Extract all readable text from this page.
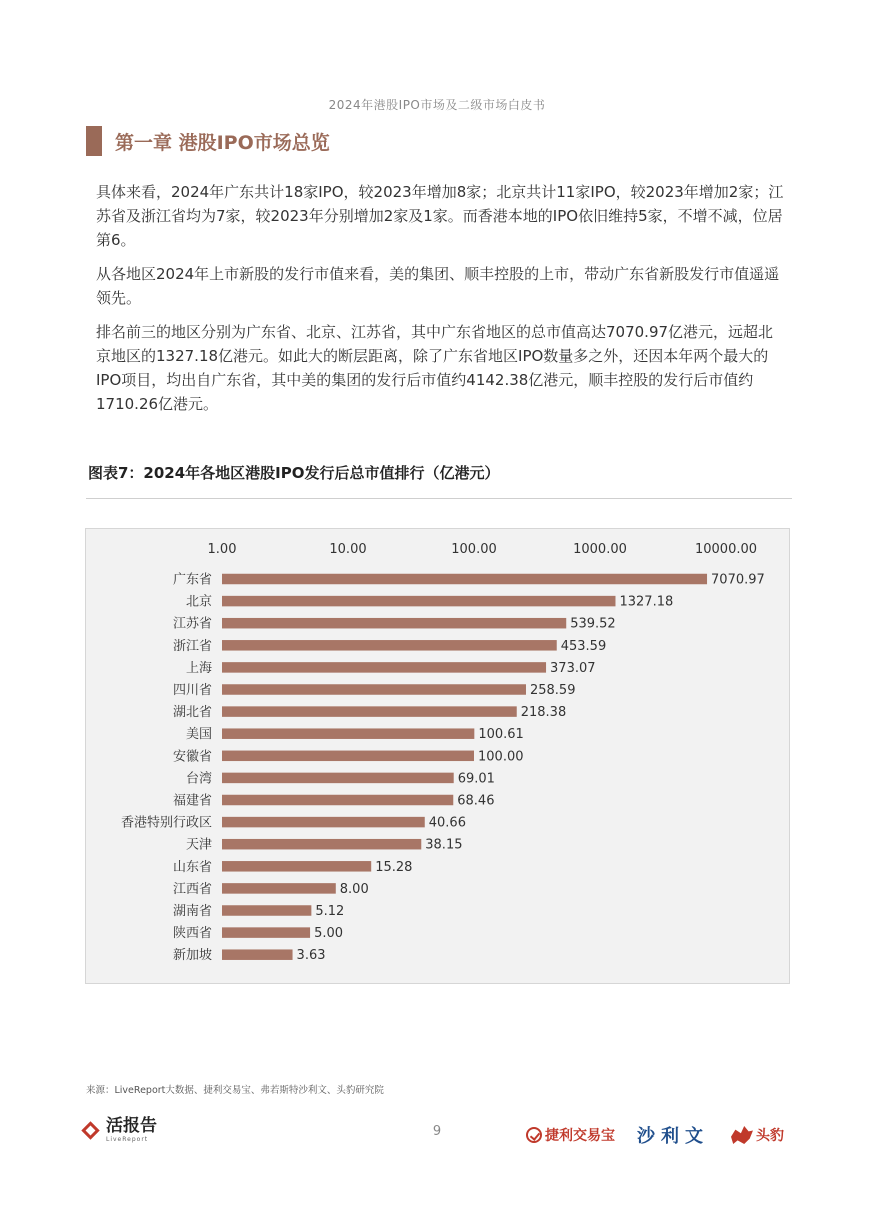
2024年港股IPO市场及二级市场白皮书
第一章 港股IPO市场总览

具体来看，2024年广东共计18家IPO，较2023年增加8家；北京共计11家IPO，较2023年增加2家；江苏省及浙江省均为7家，较2023年分别增加2家及1家。而香港本地的IPO依旧维持5家，不增不减，位居第6。

从各地区2024年上市新股的发行市值来看，美的集团、顺丰控股的上市，带动广东省新股发行市值遥遥领先。

排名前三的地区分别为广东省、北京、江苏省，其中广东省地区的总市值高达7070.97亿港元，远超北京地区的1327.18亿港元。如此大的断层距离，除了广东省地区IPO数量多之外，还因本年两个最大的IPO项目，均出自广东省，其中美的集团的发行后市值约4142.38亿港元，顺丰控股的发行后市值约1710.26亿港元。

图表7：2024年各地区港股IPO发行后总市值排行（亿港元）
1.00	10.00	100.00	1000.00	10000.00
广东省	7070.97
北京	1327.18
江苏省	539.52
浙江省	453.59
上海	373.07
四川省	258.59
湖北省	218.38
美国	100.61
安徽省	100.00
台湾	69.01
福建省	68.46
香港特别行政区	40.66
天津	38.15
山东省	15.28
江西省	8.00
湖南省	5.12
陕西省	5.00
新加坡	3.63
来源：LiveReport大数据、捷利交易宝、弗若斯特沙利文、头豹研究院
9
活报告
LiveReport	捷利交易宝 沙利文	头豹
